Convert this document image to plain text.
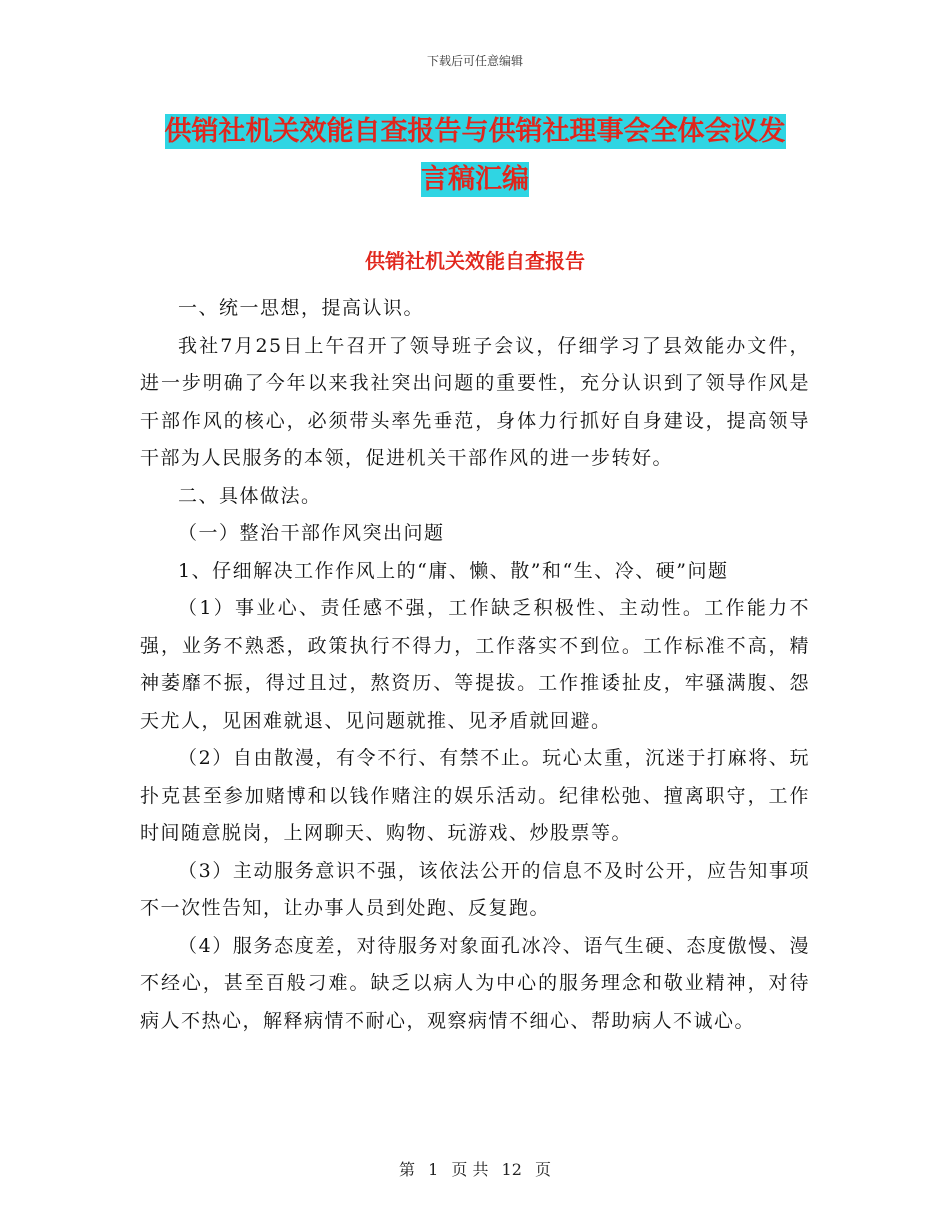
下载后可任意编辑
供销社机关效能自查报告与供销社理事会全体会议发
言稿汇编
供销社机关效能自查报告

一、统一思想，提高认识。

我社7月25日上午召开了领导班子会议，仔细学习了县效能办文件，进一步明确了今年以来我社突出问题的重要性，充分认识到了领导作风是干部作风的核心，必须带头率先垂范，身体力行抓好自身建设，提高领导干部为人民服务的本领，促进机关干部作风的进一步转好。

二、具体做法。

（一）整治干部作风突出问题

1、仔细解决工作作风上的“庸、懒、散”和“生、冷、硬”问题

（1）事业心、责任感不强，工作缺乏积极性、主动性。工作能力不强，业务不熟悉，政策执行不得力，工作落实不到位。工作标准不高，精神萎靡不振，得过且过，熬资历、等提拔。工作推诿扯皮，牢骚满腹、怨天尤人，见困难就退、见问题就推、见矛盾就回避。

（2）自由散漫，有令不行、有禁不止。玩心太重，沉迷于打麻将、玩扑克甚至参加赌博和以钱作赌注的娱乐活动。纪律松弛、擅离职守，工作时间随意脱岗，上网聊天、购物、玩游戏、炒股票等。

（3）主动服务意识不强，该依法公开的信息不及时公开，应告知事项不一次性告知，让办事人员到处跑、反复跑。

（4）服务态度差，对待服务对象面孔冰冷、语气生硬、态度傲慢、漫不经心，甚至百般刁难。缺乏以病人为中心的服务理念和敬业精神，对待病人不热心，解释病情不耐心，观察病情不细心、帮助病人不诚心。

第 1 页 共 12 页
